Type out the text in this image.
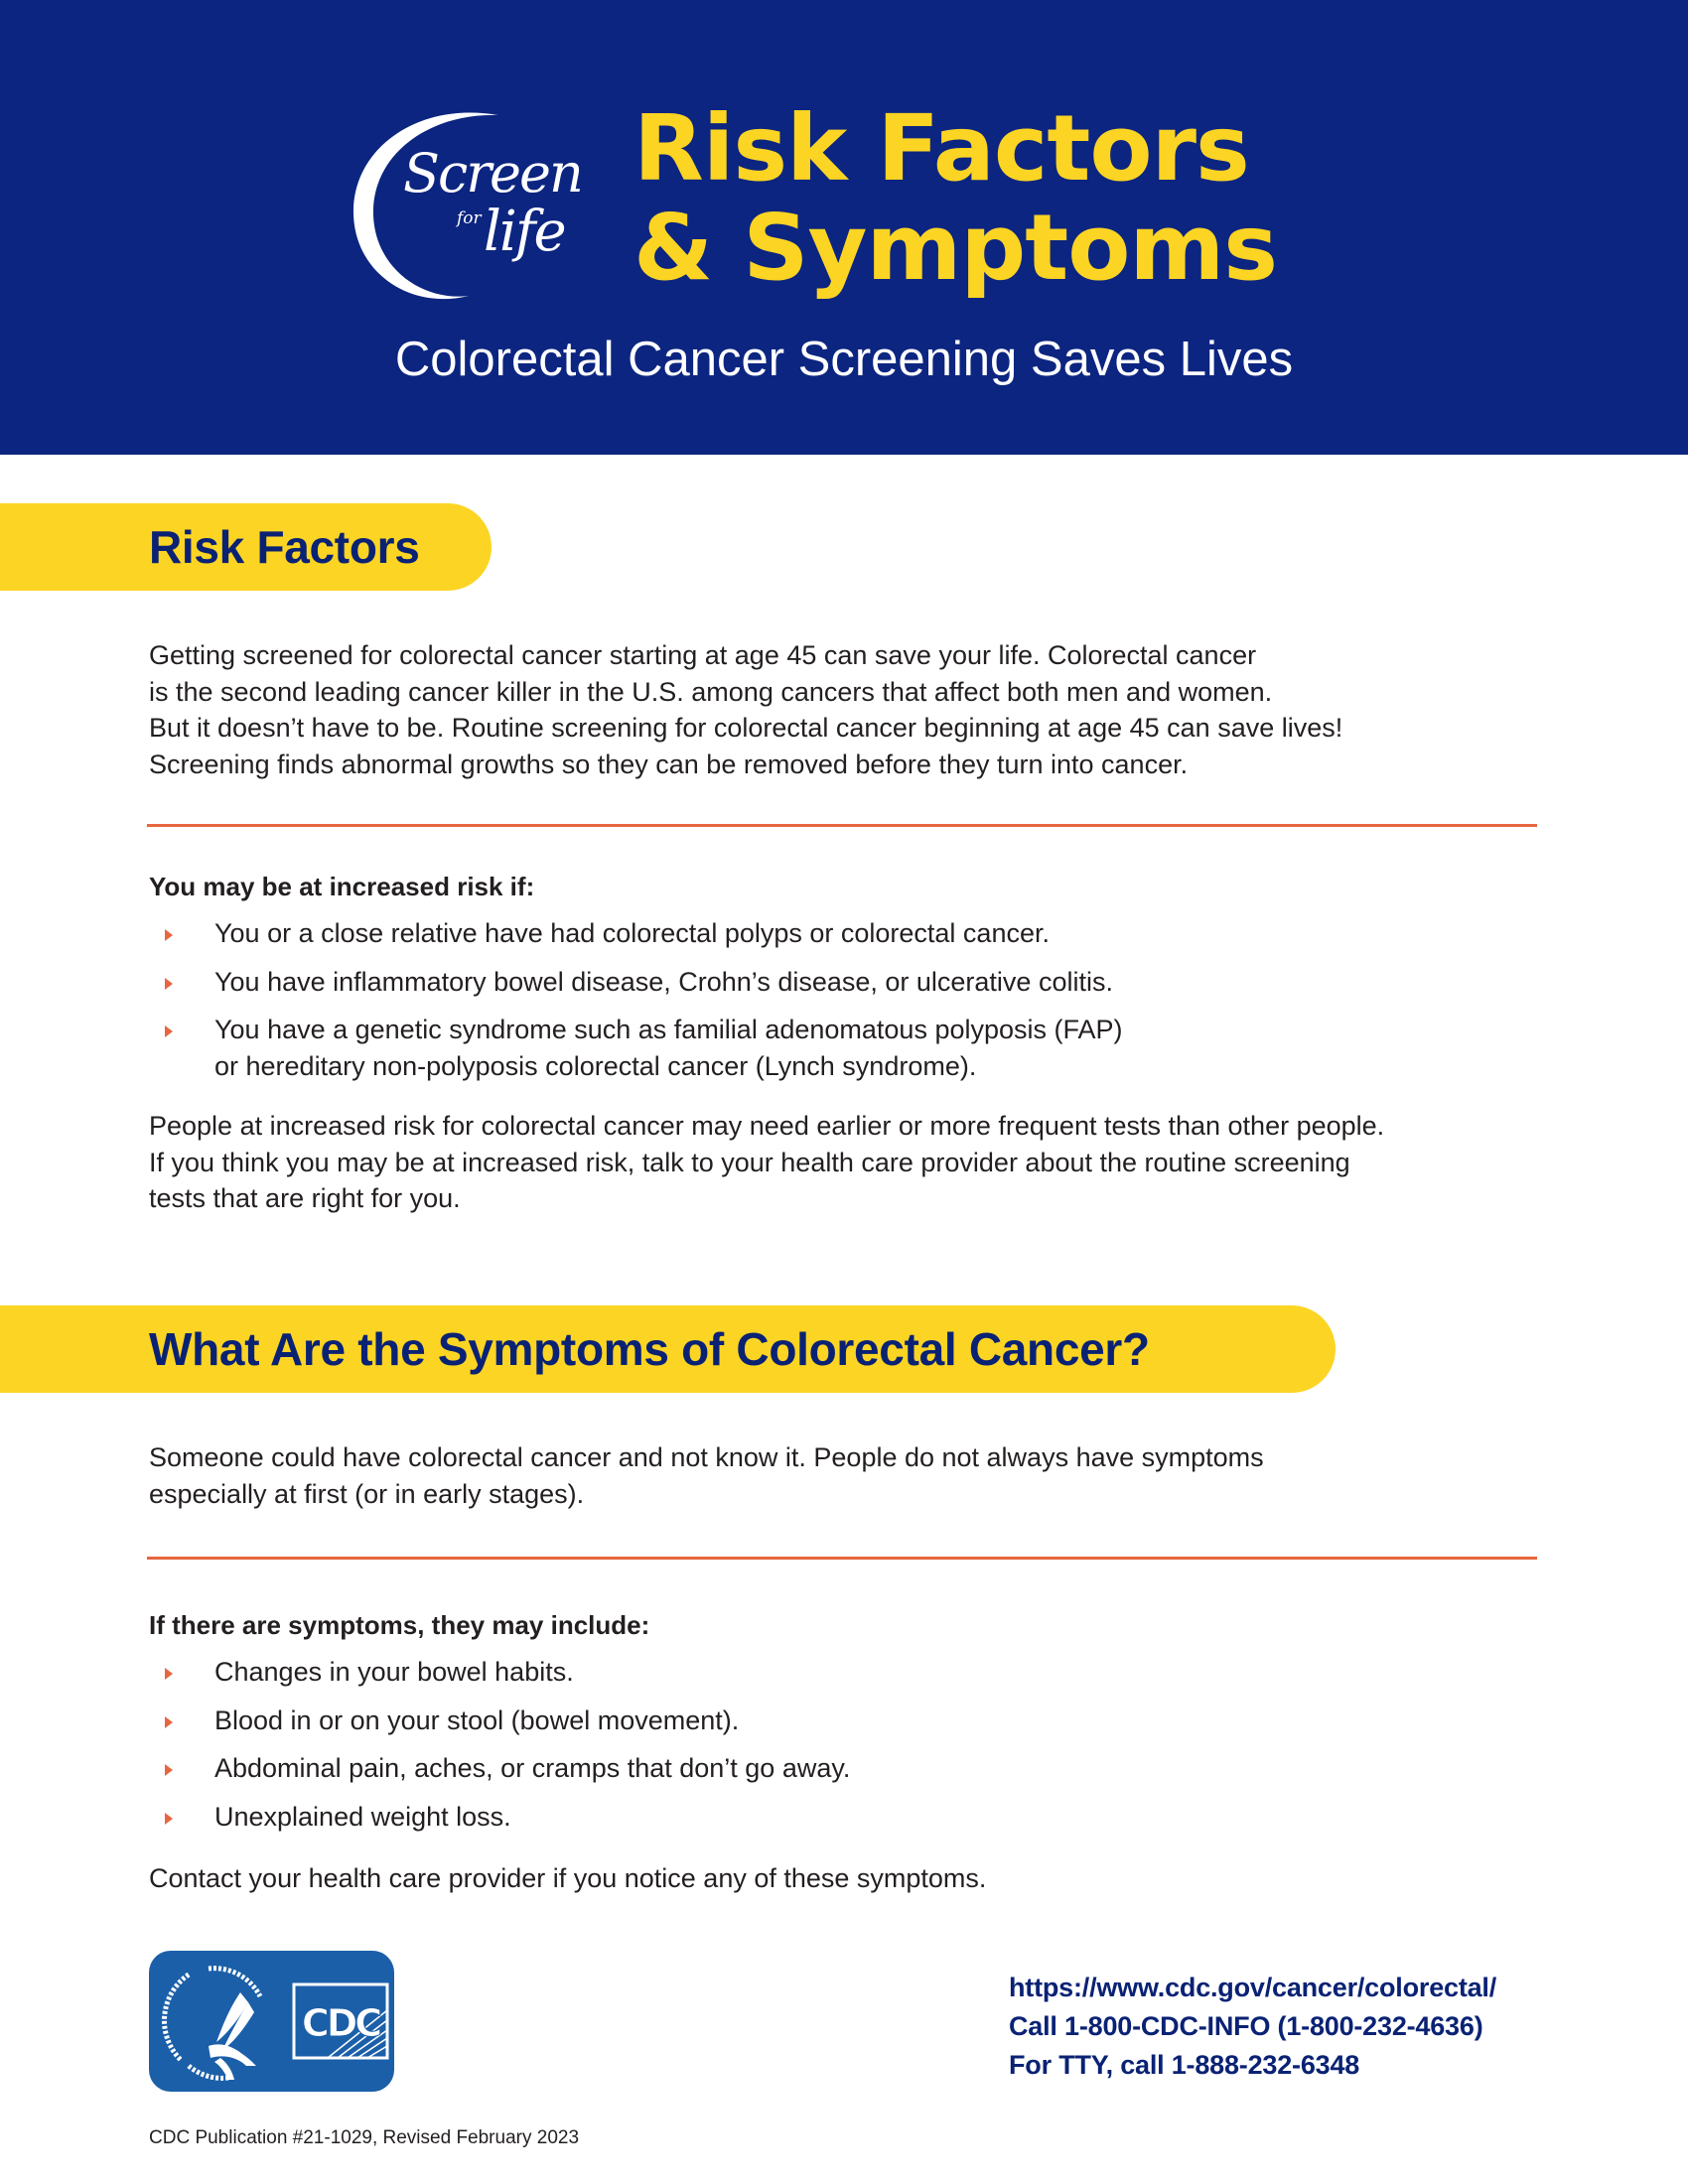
Screen
for life
Risk Factors
& Symptoms
Colorectal Cancer Screening Saves Lives
Risk Factors
Getting screened for colorectal cancer starting at age 45 can save your life. Colorectal cancer
is the second leading cancer killer in the U.S. among cancers that affect both men and women.
But it doesn’t have to be. Routine screening for colorectal cancer beginning at age 45 can save lives!
Screening finds abnormal growths so they can be removed before they turn into cancer.
You may be at increased risk if:
You or a close relative have had colorectal polyps or colorectal cancer.
You have inflammatory bowel disease, Crohn’s disease, or ulcerative colitis.
You have a genetic syndrome such as familial adenomatous polyposis (FAP)
or hereditary non-polyposis colorectal cancer (Lynch syndrome).
People at increased risk for colorectal cancer may need earlier or more frequent tests than other people.
If you think you may be at increased risk, talk to your health care provider about the routine screening
tests that are right for you.
What Are the Symptoms of Colorectal Cancer?
Someone could have colorectal cancer and not know it. People do not always have symptoms
especially at first (or in early stages).
If there are symptoms, they may include:
Changes in your bowel habits.
Blood in or on your stool (bowel movement).
Abdominal pain, aches, or cramps that don’t go away.
Unexplained weight loss.
Contact your health care provider if you notice any of these symptoms.
CDC
https://www.cdc.gov/cancer/colorectal/
Call 1-800-CDC-INFO (1-800-232-4636)
For TTY, call 1-888-232-6348
CDC Publication #21-1029, Revised February 2023
